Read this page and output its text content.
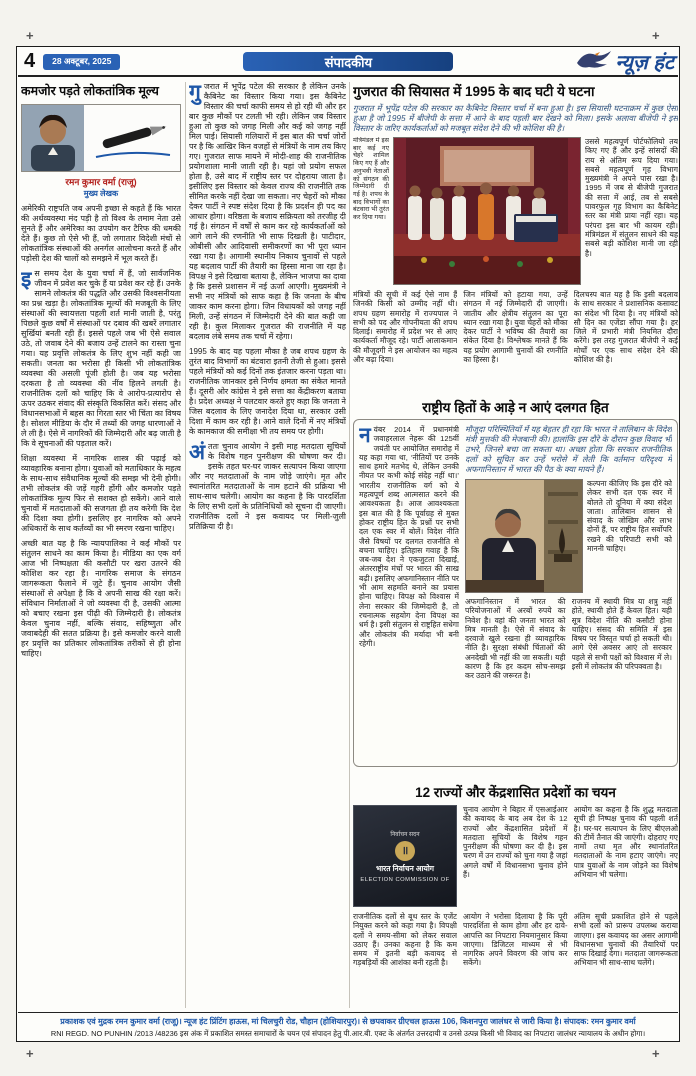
+	+
+	+
4	28 अक्टूबर, 2025	संपादकीय	न्यूज़ हंट
कमजोर पड़ते लोकतांत्रिक मूल्य
रमन कुमार वर्मा (राजू)
मुख्य लेखक

अमेरिकी राष्ट्रपति जब अपनी इच्छा से कहते हैं कि भारत की अर्थव्यवस्था मंद पड़ी है तो विश्व के तमाम नेता उसे सुनते हैं और अमेरिका का उपयोग कर टैरिफ की धमकी देते हैं। कुछ तो ऐसे भी हैं, जो लगातार विदेशी मंचों से लोकतांत्रिक संस्थाओं की अनर्गल आलोचना करते हैं और पड़ोसी देश की चालों को समझने में भूल करते हैं।

इस समय देश के युवा चर्चा में हैं, जो सार्वजनिक जीवन में प्रवेश कर चुके हैं या प्रवेश कर रहे हैं। उनके सामने लोकतंत्र की पद्धति और उसकी विश्वसनीयता का प्रश्न खड़ा है। लोकतांत्रिक मूल्यों की मजबूती के लिए संस्थाओं की स्वायत्तता पहली शर्त मानी जाती है, परंतु पिछले कुछ वर्षों में संस्थाओं पर दबाव की खबरें लगातार सुर्खियां बनती रही हैं। इससे पहले जब भी ऐसे सवाल उठे, तो जवाब देने की बजाय उन्हें टालने का रास्ता चुना गया। यह प्रवृत्ति लोकतंत्र के लिए शुभ नहीं कही जा सकती। जनता का भरोसा ही किसी भी लोकतांत्रिक व्यवस्था की असली पूंजी होती है। जब यह भरोसा दरकता है तो व्यवस्था की नींव हिलने लगती है। राजनीतिक दलों को चाहिए कि वे आरोप-प्रत्यारोप से ऊपर उठकर संवाद की संस्कृति विकसित करें। संसद और विधानसभाओं में बहस का गिरता स्तर भी चिंता का विषय है। सोशल मीडिया के दौर में तथ्यों की जगह धारणाओं ने ले ली है। ऐसे में नागरिकों की जिम्मेदारी और बढ़ जाती है कि वे सूचनाओं की पड़ताल करें।

शिक्षा व्यवस्था में नागरिक शास्त्र की पढ़ाई को व्यावहारिक बनाना होगा। युवाओं को मताधिकार के महत्व के साथ-साथ संवैधानिक मूल्यों की समझ भी देनी होगी। तभी लोकतंत्र की जड़ें गहरी होंगी और कमजोर पड़ते लोकतांत्रिक मूल्य फिर से सशक्त हो सकेंगे। आने वाले चुनावों में मतदाताओं की सजगता ही तय करेगी कि देश की दिशा क्या होगी। इसलिए हर नागरिक को अपने अधिकारों के साथ कर्तव्यों का भी स्मरण रखना चाहिए।

अच्छी बात यह है कि न्यायपालिका ने कई मौकों पर संतुलन साधने का काम किया है। मीडिया का एक वर्ग आज भी निष्पक्षता की कसौटी पर खरा उतरने की कोशिश कर रहा है। नागरिक समाज के संगठन जागरूकता फैलाने में जुटे हैं। चुनाव आयोग जैसी संस्थाओं से अपेक्षा है कि वे अपनी साख की रक्षा करें। संविधान निर्माताओं ने जो व्यवस्था दी है, उसकी आत्मा को बचाए रखना इस पीढ़ी की जिम्मेदारी है। लोकतंत्र केवल चुनाव नहीं, बल्कि संवाद, सहिष्णुता और जवाबदेही की सतत प्रक्रिया है। इसे कमजोर करने वाली हर प्रवृत्ति का प्रतिकार लोकतांत्रिक तरीकों से ही होना चाहिए।

गुजरात में भूपेंद्र पटेल की सरकार है लेकिन उनके कैबिनेट का विस्तार किया गया। इस कैबिनेट विस्तार की चर्चा काफी समय से हो रही थी और हर बार कुछ मौकों पर टलती भी रही। लेकिन जब विस्तार हुआ तो कुछ को जगह मिली और कई को जगह नहीं मिल पाई। सियासी गलियारों में इस बात की चर्चा जोरों पर है कि आखिर किन वजहों से मंत्रियों के नाम तय किए गए। गुजरात साफ मायने में मोदी-शाह की राजनीतिक प्रयोगशाला मानी जाती रही है। यहां जो प्रयोग सफल होता है, उसे बाद में राष्ट्रीय स्तर पर दोहराया जाता है। इसीलिए इस विस्तार को केवल राज्य की राजनीति तक सीमित करके नहीं देखा जा सकता। नए चेहरों को मौका देकर पार्टी ने स्पष्ट संदेश दिया है कि प्रदर्शन ही पद का आधार होगा। वरिष्ठता के बजाय सक्रियता को तरजीह दी गई है। संगठन में वर्षों से काम कर रहे कार्यकर्ताओं को आगे लाने की रणनीति भी साफ दिखती है। पाटीदार, ओबीसी और आदिवासी समीकरणों का भी पूरा ध्यान रखा गया है। आगामी स्थानीय निकाय चुनावों से पहले यह बदलाव पार्टी की तैयारी का हिस्सा माना जा रहा है। विपक्ष ने इसे दिखावा बताया है, लेकिन भाजपा का दावा है कि इससे प्रशासन में नई ऊर्जा आएगी। मुख्यमंत्री ने सभी नए मंत्रियों को साफ कहा है कि जनता के बीच जाकर काम करना होगा। जिन विधायकों को जगह नहीं मिली, उन्हें संगठन में जिम्मेदारी देने की बात कही जा रही है। कुल मिलाकर गुजरात की राजनीति में यह बदलाव लंबे समय तक चर्चा में रहेगा।

1995 के बाद यह पहला मौका है जब शपथ ग्रहण के तुरंत बाद विभागों का बंटवारा इतनी तेजी से हुआ। इससे पहले मंत्रियों को कई दिनों तक इंतजार करना पड़ता था। राजनीतिक जानकार इसे निर्णय क्षमता का संकेत मानते हैं। दूसरी ओर कांग्रेस ने इसे सत्ता का केंद्रीकरण बताया है। प्रदेश अध्यक्ष ने पलटवार करते हुए कहा कि जनता ने जिस बदलाव के लिए जनादेश दिया था, सरकार उसी दिशा में काम कर रही है। आने वाले दिनों में नए मंत्रियों के कामकाज की समीक्षा भी तय समय पर होगी।

अंततः चुनाव आयोग ने इसी माह मतदाता सूचियों के विशेष गहन पुनरीक्षण की घोषणा कर दी। इसके तहत घर-घर जाकर सत्यापन किया जाएगा और नए मतदाताओं के नाम जोड़े जाएंगे। मृत और स्थानांतरित मतदाताओं के नाम हटाने की प्रक्रिया भी साथ-साथ चलेगी। आयोग का कहना है कि पारदर्शिता के लिए सभी दलों के प्रतिनिधियों को सूचना दी जाएगी। राजनीतिक दलों ने इस कवायद पर मिली-जुली प्रतिक्रिया दी है।

गुजरात की सियासत में 1995 के बाद घटी ये घटना

गुजरात में भूपेंद्र पटेल की सरकार का कैबिनेट विस्तार चर्चा में बना हुआ है। इस सियासी घटनाक्रम में कुछ ऐसा हुआ है जो 1995 में बीजेपी के सत्ता में आने के बाद पहली बार देखने को मिला। इसके अलावा बीजेपी ने इस विस्तार के जरिए कार्यकर्ताओं को मजबूत संदेश देने की भी कोशिश की है।

मंत्रिमंडल में इस बार कई नए चेहरे शामिल किए गए हैं और अनुभवी नेताओं को संगठन की जिम्मेदारी दी गई है। शपथ के बाद विभागों का बंटवारा भी तुरंत कर दिया गया।
उससे महत्वपूर्ण पोर्टफोलियो तय किए गए हैं और इन्हें सांसदों की राय से अंतिम रूप दिया गया। सबसे महत्वपूर्ण गृह विभाग मुख्यमंत्री ने अपने पास रखा है। 1995 में जब से बीजेपी गुजरात की सत्ता में आई, तब से सबसे पावरफुल गृह विभाग का कैबिनेट स्तर का मंत्री प्रायः नहीं रहा। यह परंपरा इस बार भी कायम रही। मंत्रिमंडल में संतुलन साधने की यह सबसे बड़ी कोशिश मानी जा रही है।
मंत्रियों की सूची में कई ऐसे नाम हैं जिनकी किसी को उम्मीद नहीं थी। शपथ ग्रहण समारोह में राज्यपाल ने सभी को पद और गोपनीयता की शपथ दिलाई। समारोह में प्रदेश भर से आए कार्यकर्ता मौजूद रहे। पार्टी आलाकमान की मौजूदगी ने इस आयोजन का महत्व और बढ़ा दिया।
जिन मंत्रियों को हटाया गया, उन्हें संगठन में नई जिम्मेदारी दी जाएगी। जातीय और क्षेत्रीय संतुलन का पूरा ध्यान रखा गया है। युवा चेहरों को मौका देकर पार्टी ने भविष्य की तैयारी का संकेत दिया है। विश्लेषक मानते हैं कि यह प्रयोग आगामी चुनावों की रणनीति का हिस्सा है।
दिलचस्प बात यह है कि इसी बदलाव के साथ सरकार ने प्रशासनिक कसावट का संदेश भी दिया है। नए मंत्रियों को सौ दिन का एजेंडा सौंपा गया है। हर जिले में प्रभारी मंत्री नियमित दौरा करेंगे। इस तरह गुजरात बीजेपी ने कई मोर्चों पर एक साथ संदेश देने की कोशिश की है।
राष्ट्रीय हितों के आड़े न आएं दलगत हित
नवंबर 2014 में प्रधानमंत्री जवाहरलाल नेहरू की 125वीं जयंती पर आयोजित समारोह में यह कहा गया था, ‘नीतियों पर उनके साथ हमारे मतभेद थे, लेकिन उनकी नीयत पर कभी कोई संदेह नहीं था।’ भारतीय राजनीतिक वर्ग को ये महत्वपूर्ण शब्द आत्मसात करने की आवश्यकता है। आज आवश्यकता इस बात की है कि पूर्वाग्रह से मुक्त होकर राष्ट्रीय हित के प्रश्नों पर सभी दल एक स्वर में बोलें। विदेश नीति जैसे विषयों पर दलगत राजनीति से बचना चाहिए। इतिहास गवाह है कि जब-जब देश ने एकजुटता दिखाई, अंतरराष्ट्रीय मंचों पर भारत की साख बढ़ी। इसलिए अफगानिस्तान नीति पर भी आम सहमति बनाने का प्रयास होना चाहिए। विपक्ष को विश्वास में लेना सरकार की जिम्मेदारी है, तो रचनात्मक सहयोग देना विपक्ष का धर्म है। इसी संतुलन से राष्ट्रहित सधेगा और लोकतंत्र की मर्यादा भी बनी रहेगी।

मौजूदा परिस्थितियों में यह बेहतर ही रहा कि भारत ने तालिबान के विदेश मंत्री मुत्तकी की मेजबानी की। हालांकि इस दौरे के दौरान कुछ विवाद भी उभरे, जिनसे बचा जा सकता था। अच्छा होता कि सरकार राजनीतिक दलों को सूचित कर उन्हें भरोसे में लेती कि वर्तमान परिदृश्य में अफगानिस्तान में भारत की पैठ के क्या मायने हैं।

कल्पना कीजिए कि इस दौरे को लेकर सभी दल एक स्वर में बोलते तो दुनिया में क्या संदेश जाता। तालिबान शासन से संवाद के जोखिम और लाभ दोनों हैं, पर राष्ट्रीय हित सर्वोपरि रखने की परिपाटी सभी को माननी चाहिए।
अफगानिस्तान में भारत की परियोजनाओं में अरबों रुपये का निवेश है। वहां की जनता भारत को मित्र मानती है। ऐसे में संवाद के दरवाजे खुले रखना ही व्यावहारिक नीति है। सुरक्षा संबंधी चिंताओं की अनदेखी भी नहीं की जा सकती। यही कारण है कि हर कदम सोच-समझ कर उठाने की जरूरत है।
राजनय में स्थायी मित्र या शत्रु नहीं होते, स्थायी होते हैं केवल हित। यही सूत्र विदेश नीति की कसौटी होना चाहिए। संसद की समिति में इस विषय पर विस्तृत चर्चा हो सकती थी। आगे ऐसे अवसर आएं तो सरकार पहले से सभी पक्षों को विश्वास में ले। इसी में लोकतंत्र की परिपक्वता है।
12 राज्यों और केंद्रशासित प्रदेशों का चयन
निर्वाचन सदन
॥
भारत निर्वाचन आयोग
ELECTION COMMISSION OF
चुनाव आयोग ने बिहार में एसआईआर की कवायद के बाद अब देश के 12 राज्यों और केंद्रशासित प्रदेशों में मतदाता सूचियों के विशेष गहन पुनरीक्षण की घोषणा कर दी है। इस चरण में उन राज्यों को चुना गया है जहां अगले वर्षों में विधानसभा चुनाव होने हैं।
आयोग का कहना है कि शुद्ध मतदाता सूची ही निष्पक्ष चुनाव की पहली शर्त है। घर-घर सत्यापन के लिए बीएलओ की टीमें तैनात की जाएंगी। दोहराए गए नामों तथा मृत और स्थानांतरित मतदाताओं के नाम हटाए जाएंगे। नए पात्र युवाओं के नाम जोड़ने का विशेष अभियान भी चलेगा।
राजनीतिक दलों से बूथ स्तर के एजेंट नियुक्त करने को कहा गया है। विपक्षी दलों ने समय-सीमा को लेकर सवाल उठाए हैं। उनका कहना है कि कम समय में इतनी बड़ी कवायद से गड़बड़ियों की आशंका बनी रहती है।
आयोग ने भरोसा दिलाया है कि पूरी पारदर्शिता से काम होगा और हर दावे-आपत्ति का निपटारा नियमानुसार किया जाएगा। डिजिटल माध्यम से भी नागरिक अपने विवरण की जांच कर सकेंगे।
अंतिम सूची प्रकाशित होने से पहले सभी दलों को प्रारूप उपलब्ध कराया जाएगा। इस कवायद का असर आगामी विधानसभा चुनावों की तैयारियों पर साफ दिखाई देगा। मतदाता जागरूकता अभियान भी साथ-साथ चलेंगे।
प्रकाशक एवं मुद्रक रमन कुमार वर्मा (राजू)। न्यूज हंट प्रिंटिंग हाऊस, मां चिलचुरी रोड, चौहान (होशियारपुर)। से छपवाकर ग्रीएचल हाऊस 106, किशनपुरा जालंधर से जारी किया है। संपादक: रमन कुमार वर्मा
RNI REGD. NO PUNHIN /2013 /48236 इस अंक में प्रकाशित समस्त समाचारों के चयन एवं संपादन हेतु पी.आर.बी. एक्ट के अंतर्गत उत्तरदायी व उनसे उत्पन्न किसी भी विवाद का निपटारा जालंधर न्यायालय के अधीन होगा।
